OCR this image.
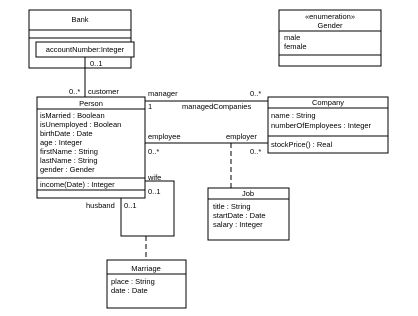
Bank
accountNumber:Integer
«enumeration»
Gender
male
female
Person
isMarried : Boolean
isUnemployed : Boolean
birthDate : Date
age : Integer
firstName : String
lastName : String
gender : Gender
income(Date) : Integer
Company
name : String
numberOfEmployees : Integer
stockPrice() : Real
Job
title : String
startDate : Date
salary : Integer
Marriage
place : String
date : Date
0..1
0..* customer	manager
1	managedCompanies
0..*
employee	employer
0..*	0..*
wife
0..1
husband 0..1
